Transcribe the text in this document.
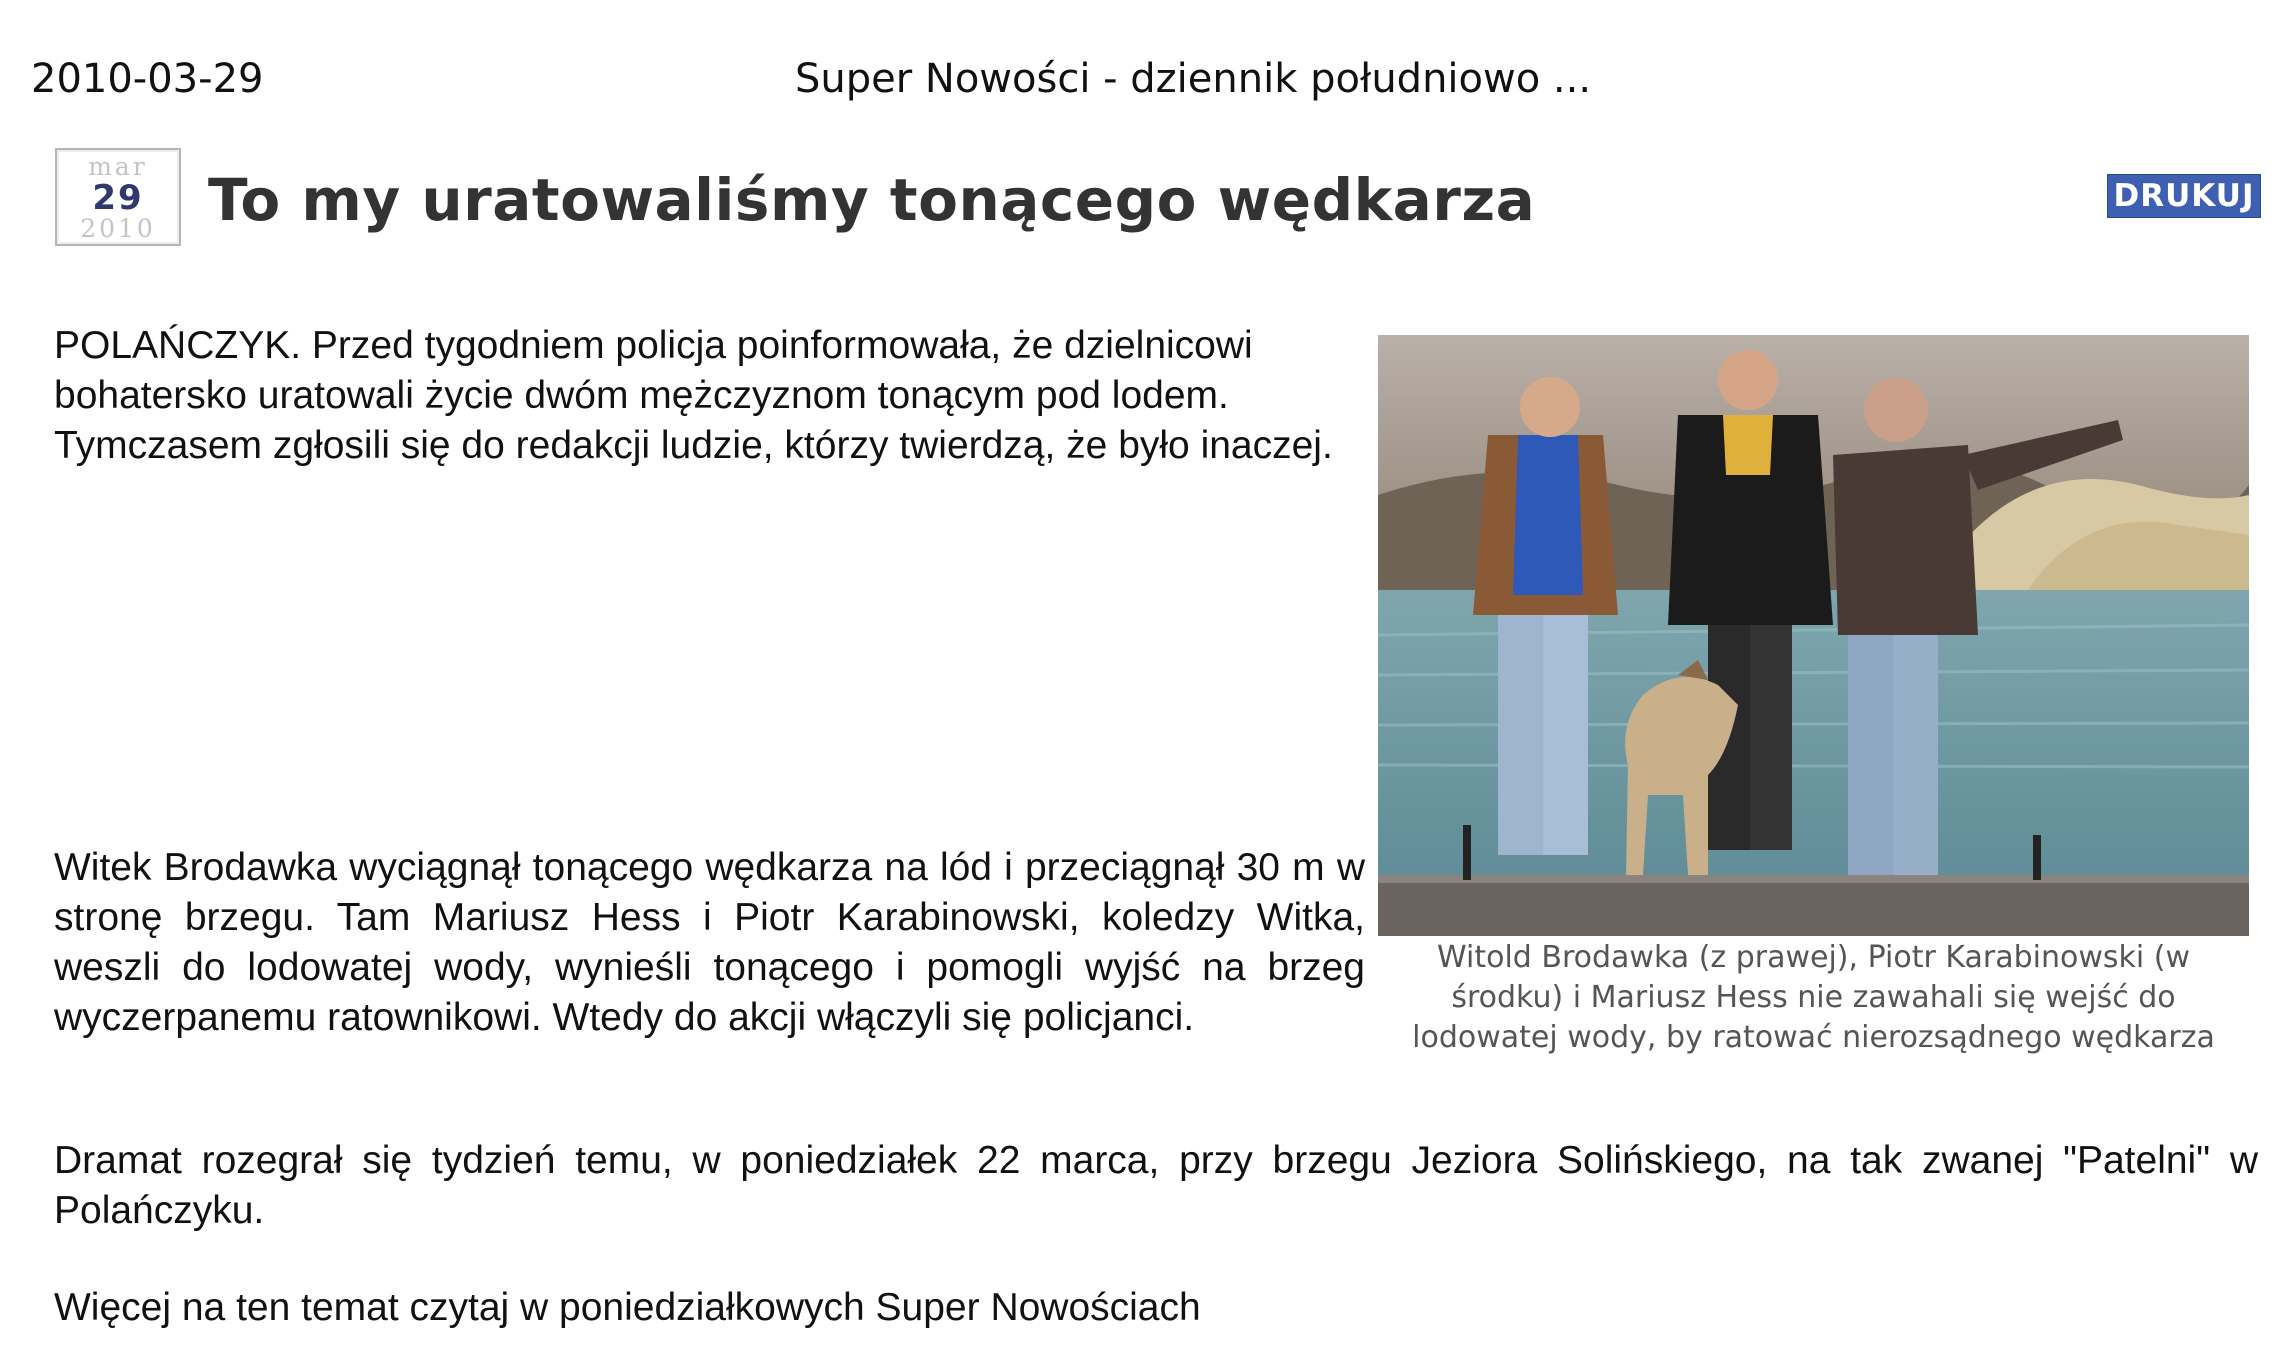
2010-03-29	Super Nowości - dziennik południowo ...
mar
29
2010 To my uratowaliśmy tonącego wędkarza	DRUKUJ

POLAŃCZYK. Przed tygodniem policja poinformowała, że dzielnicowi bohatersko uratowali życie dwóm mężczyznom tonącym pod lodem. Tymczasem zgłosili się do redakcji ludzie, którzy twierdzą, że było inaczej.

Witold Brodawka (z prawej), Piotr Karabinowski (w środku) i Mariusz Hess nie zawahali się wejść do lodowatej wody, by ratować nierozsądnego wędkarza

Witek Brodawka wyciągnął tonącego wędkarza na lód i przeciągnął 30 m w stronę brzegu. Tam Mariusz Hess i Piotr Karabinowski, koledzy Witka, weszli do lodowatej wody, wynieśli tonącego i pomogli wyjść na brzeg wyczerpanemu ratownikowi. Wtedy do akcji włączyli się policjanci.

Dramat rozegrał się tydzień temu, w poniedziałek 22 marca, przy brzegu Jeziora Solińskiego, na tak zwanej "Patelni" w Polańczyku.

Więcej na ten temat czytaj w poniedziałkowych Super Nowościach
